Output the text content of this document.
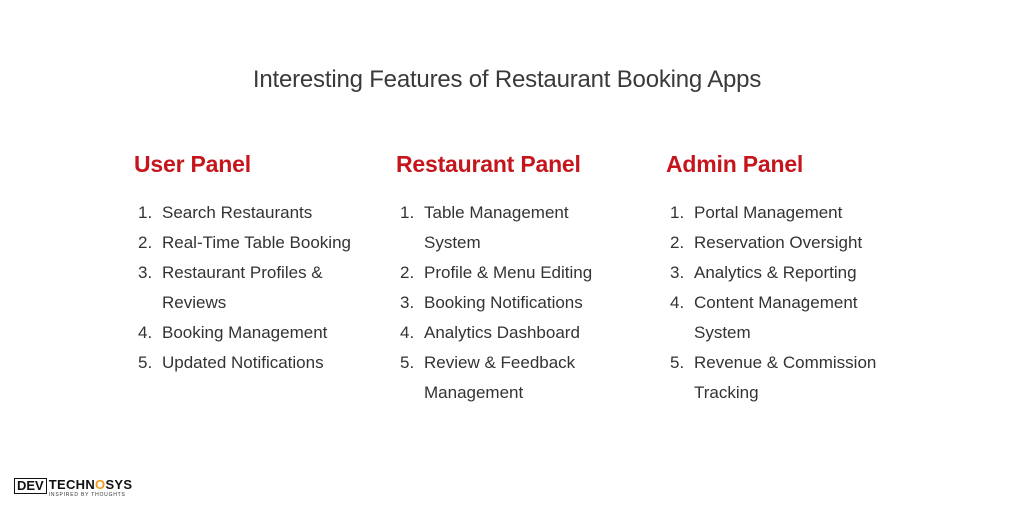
Interesting Features of Restaurant Booking Apps
User Panel
1. Search Restaurants
2. Real-Time Table Booking
3. Restaurant Profiles & Reviews
4. Booking Management
5. Updated Notifications
Restaurant Panel
1. Table Management System
2. Profile & Menu Editing
3. Booking Notifications
4. Analytics Dashboard
5. Review & Feedback Management
Admin Panel
1. Portal Management
2. Reservation Oversight
3. Analytics & Reporting
4. Content Management System
5. Revenue & Commission Tracking
DEV TECHNOSYS
INSPIRED BY THOUGHTS
